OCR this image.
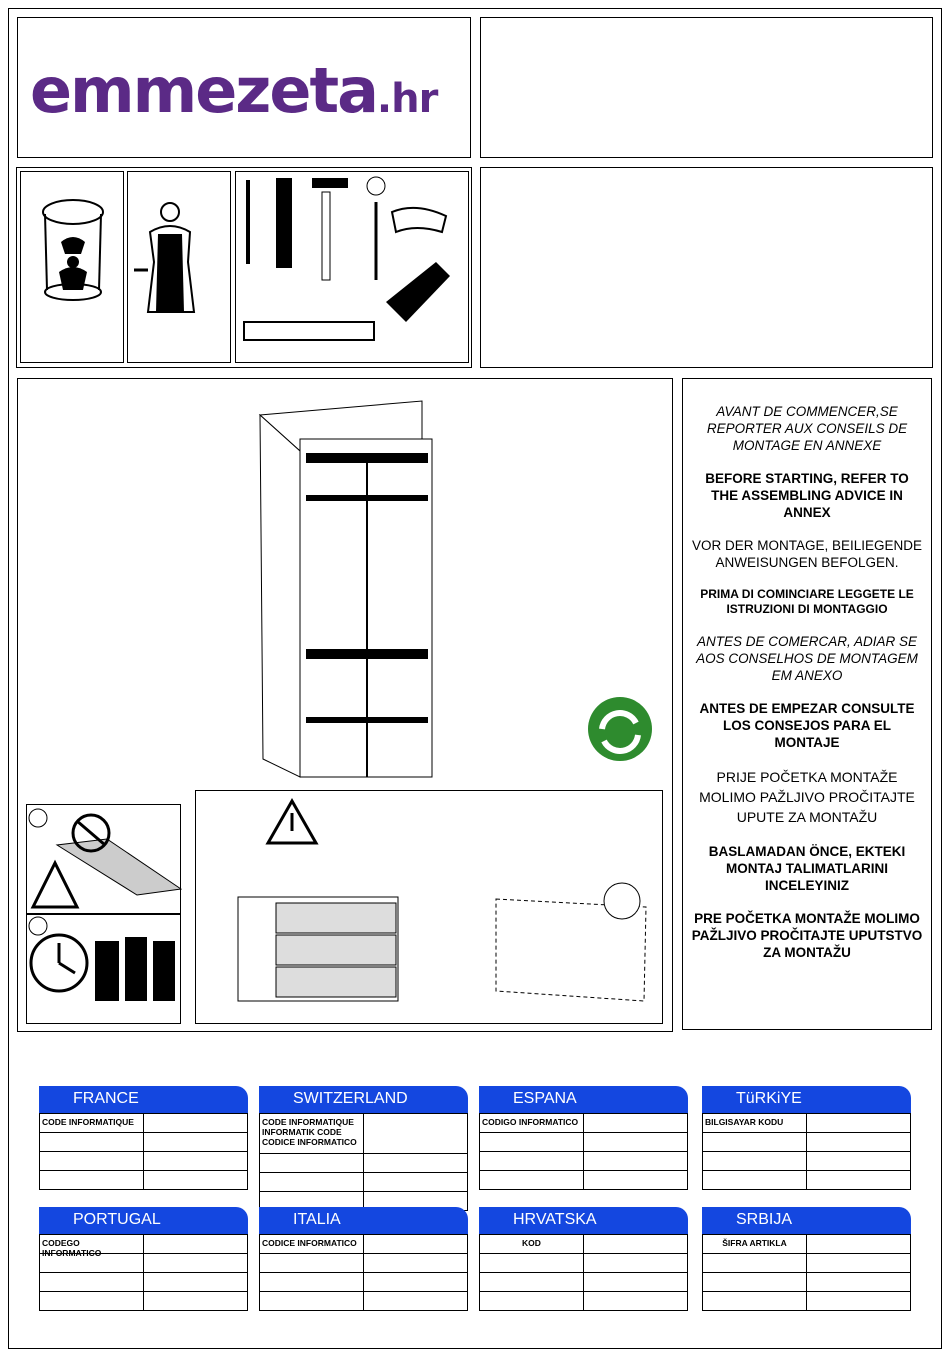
emmezeta.hr

AVANT DE COMMENCER,SE REPORTER AUX CONSEILS DE MONTAGE EN ANNEXE

BEFORE STARTING, REFER TO THE ASSEMBLING ADVICE IN ANNEX

VOR DER MONTAGE, BEILIEGENDE ANWEISUNGEN BEFOLGEN.

PRIMA DI COMINCIARE LEGGETE LE ISTRUZIONI DI MONTAGGIO

ANTES DE COMERCAR, ADIAR SE AOS CONSELHOS DE MONTAGEM EM ANEXO

ANTES DE EMPEZAR CONSULTE LOS CONSEJOS PARA EL MONTAJE

PRIJE POČETKA MONTAŽE MOLIMO PAŽLJIVO PROČITAJTE UPUTE ZA MONTAŽU

BASLAMADAN ÖNCE, EKTEKI MONTAJ TALIMATLARINI INCELEYINIZ

PRE POČETKA MONTAŽE MOLIMO PAŽLJIVO PROČITAJTE UPUTSTVO ZA MONTAŽU

FRANCE
CODE INFORMATIQUE
SWITZERLAND
CODE INFORMATIQUE
INFORMATIK CODE
CODICE INFORMATICO
ESPANA
CODIGO INFORMATICO
TüRKiYE
BILGISAYAR KODU
PORTUGAL
CODEGO INFORMATICO
ITALIA
CODICE INFORMATICO
HRVATSKA
KOD
SRBIJA
ŠIFRA ARTIKLA
